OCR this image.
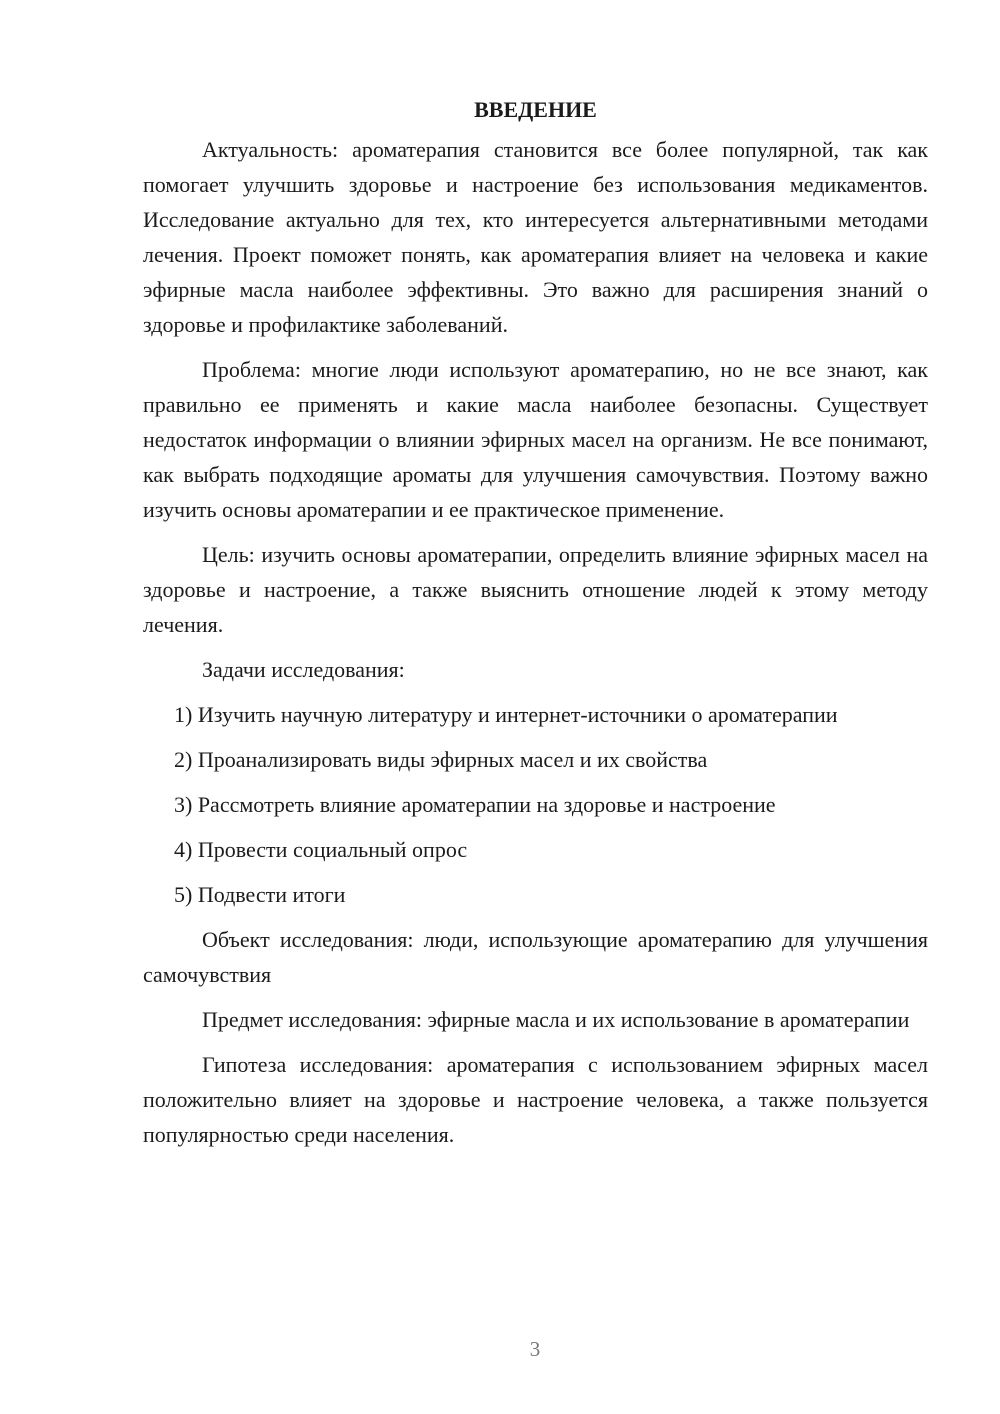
ВВЕДЕНИЕ

Актуальность: ароматерапия становится все более популярной, так как помогает улучшить здоровье и настроение без использования медикаментов. Исследование актуально для тех, кто интересуется альтернативными методами лечения. Проект поможет понять, как ароматерапия влияет на человека и какие эфирные масла наиболее эффективны. Это важно для расширения знаний о здоровье и профилактике заболеваний.

Проблема: многие люди используют ароматерапию, но не все знают, как правильно ее применять и какие масла наиболее безопасны. Существует недостаток информации о влиянии эфирных масел на организм. Не все понимают, как выбрать подходящие ароматы для улучшения самочувствия. Поэтому важно изучить основы ароматерапии и ее практическое применение.

Цель: изучить основы ароматерапии, определить влияние эфирных масел на здоровье и настроение, а также выяснить отношение людей к этому методу лечения.

Задачи исследования:

1) Изучить научную литературу и интернет-источники о ароматерапии

2) Проанализировать виды эфирных масел и их свойства

3) Рассмотреть влияние ароматерапии на здоровье и настроение

4) Провести социальный опрос

5) Подвести итоги

Объект исследования: люди, использующие ароматерапию для улучшения самочувствия

Предмет исследования: эфирные масла и их использование в ароматерапии

Гипотеза исследования: ароматерапия с использованием эфирных масел положительно влияет на здоровье и настроение человека, а также пользуется популярностью среди населения.

3
